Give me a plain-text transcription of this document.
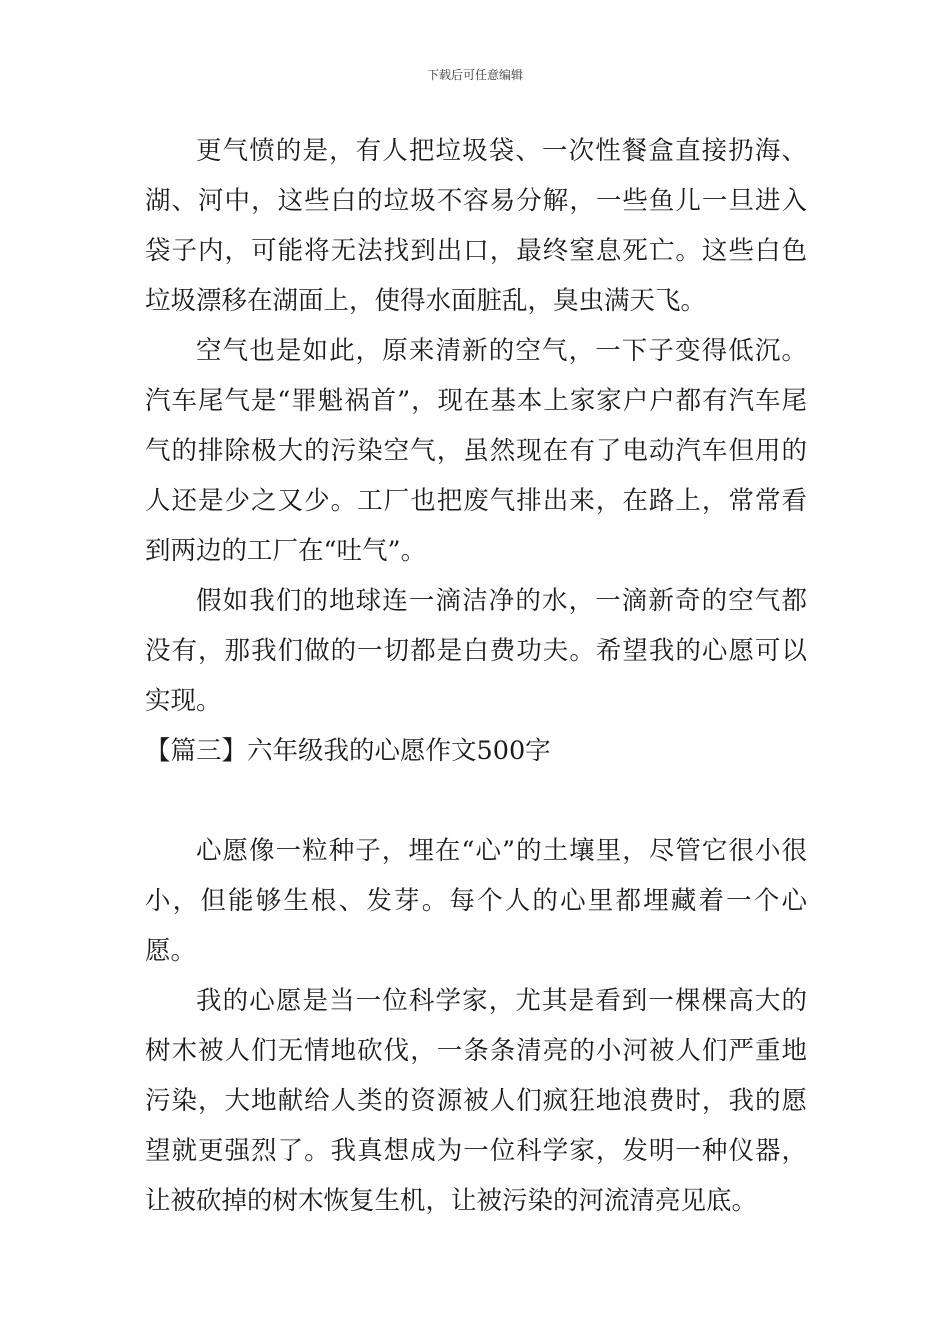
下载后可任意编辑

更气愤的是，有人把垃圾袋、一次性餐盒直接扔海、湖、河中，这些白的垃圾不容易分解，一些鱼儿一旦进入袋子内，可能将无法找到出口，最终窒息死亡。这些白色垃圾漂移在湖面上，使得水面脏乱，臭虫满天飞。

空气也是如此，原来清新的空气，一下子变得低沉。汽车尾气是“罪魁祸首”，现在基本上家家户户都有汽车尾气的排除极大的污染空气，虽然现在有了电动汽车但用的人还是少之又少。工厂也把废气排出来，在路上，常常看到两边的工厂在“吐气”。

假如我们的地球连一滴洁净的水，一滴新奇的空气都没有，那我们做的一切都是白费功夫。希望我的心愿可以实现。

【篇三】六年级我的心愿作文500字

心愿像一粒种子，埋在“心”的土壤里，尽管它很小很小，但能够生根、发芽。每个人的心里都埋藏着一个心愿。

我的心愿是当一位科学家，尤其是看到一棵棵高大的树木被人们无情地砍伐，一条条清亮的小河被人们严重地污染，大地献给人类的资源被人们疯狂地浪费时，我的愿望就更强烈了。我真想成为一位科学家，发明一种仪器，让被砍掉的树木恢复生机，让被污染的河流清亮见底。
